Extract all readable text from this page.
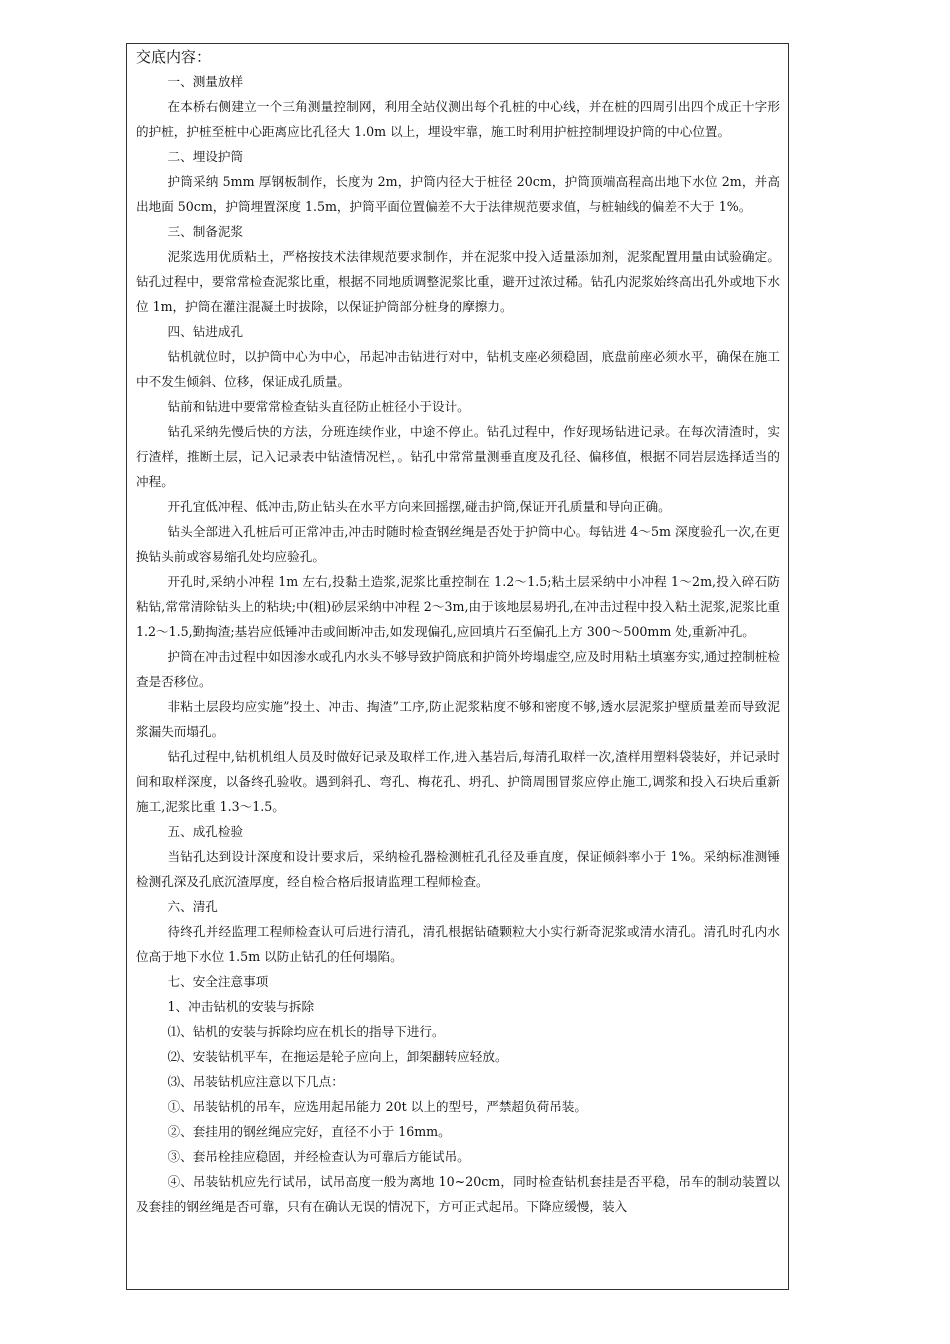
交底内容：

一、测量放样

在本桥右侧建立一个三角测量控制网，利用全站仪测出每个孔桩的中心线，并在桩的四周引出四个成正十字形的护桩，护桩至桩中心距离应比孔径大 1.0m 以上，埋设牢靠，施工时利用护桩控制埋设护筒的中心位置。

二、埋设护筒

护筒采纳 5mm 厚钢板制作，长度为 2m，护筒内径大于桩径 20cm，护筒顶端高程高出地下水位 2m，并高出地面 50cm，护筒埋置深度 1.5m，护筒平面位置偏差不大于法律规范要求值，与桩轴线的偏差不大于 1%。

三、制备泥浆

泥浆选用优质粘土，严格按技术法律规范要求制作，并在泥浆中投入适量添加剂，泥浆配置用量由试验确定。钻孔过程中，要常常检查泥浆比重，根据不同地质调整泥浆比重，避开过浓过稀。钻孔内泥浆始终高出孔外或地下水位 1m，护筒在灌注混凝土时拔除，以保证护筒部分桩身的摩擦力。

四、钻进成孔

钻机就位时，以护筒中心为中心，吊起冲击钻进行对中，钻机支座必须稳固，底盘前座必须水平，确保在施工中不发生倾斜、位移，保证成孔质量。

钻前和钻进中要常常检查钻头直径防止桩径小于设计。

钻孔采纳先慢后快的方法，分班连续作业，中途不停止。钻孔过程中，作好现场钻进记录。在每次清渣时，实行渣样，推断土层，记入记录表中钻渣情况栏，。钻孔中常常量测垂直度及孔径、偏移值，根据不同岩层选择适当的冲程。

开孔宜低冲程、低冲击,防止钻头在水平方向来回摇摆,碰击护筒,保证开孔质量和导向正确。

钻头全部进入孔桩后可正常冲击,冲击时随时检查钢丝绳是否处于护筒中心。每钻进 4～5m 深度验孔一次,在更换钻头前或容易缩孔处均应验孔。

开孔时,采纳小冲程 1m 左右,投黏土造浆,泥浆比重控制在 1.2～1.5;粘土层采纳中小冲程 1～2m,投入碎石防粘钻,常常清除钻头上的粘块;中(粗)砂层采纳中冲程 2～3m,由于该地层易坍孔,在冲击过程中投入粘土泥浆,泥浆比重 1.2～1.5,勤掏渣;基岩应低锤冲击或间断冲击,如发现偏孔,应回填片石至偏孔上方 300～500mm 处,重新冲孔。

护筒在冲击过程中如因渗水或孔内水头不够导致护筒底和护筒外垮塌虚空,应及时用粘土填塞夯实,通过控制桩检查是否移位。

非粘土层段均应实施”投土、冲击、掏渣”工序,防止泥浆粘度不够和密度不够,透水层泥浆护壁质量差而导致泥浆漏失而塌孔。

钻孔过程中,钻机机组人员及时做好记录及取样工作,进入基岩后,每清孔取样一次,渣样用塑料袋装好，并记录时间和取样深度，以备终孔验收。遇到斜孔、弯孔、梅花孔、坍孔、护筒周围冒浆应停止施工,调浆和投入石块后重新施工,泥浆比重 1.3～1.5。

五、成孔检验

当钻孔达到设计深度和设计要求后，采纳检孔器检测桩孔孔径及垂直度，保证倾斜率小于 1%。采纳标准测锤检测孔深及孔底沉渣厚度，经自检合格后报请监理工程师检查。

六、清孔

待终孔并经监理工程师检查认可后进行清孔，清孔根据钻碴颗粒大小实行新奇泥浆或清水清孔。清孔时孔内水位高于地下水位 1.5m 以防止钻孔的任何塌陷。

七、安全注意事项

1、冲击钻机的安装与拆除

⑴、钻机的安装与拆除均应在机长的指导下进行。

⑵、安装钻机平车，在拖运是轮子应向上，卸架翻转应轻放。

⑶、吊装钻机应注意以下几点：

①、吊装钻机的吊车，应选用起吊能力 20t 以上的型号，严禁超负荷吊装。

②、套挂用的钢丝绳应完好，直径不小于 16mm。

③、套吊栓挂应稳固，并经检查认为可靠后方能试吊。

④、吊装钻机应先行试吊，试吊高度一般为离地 10~20cm，同时检查钻机套挂是否平稳，吊车的制动装置以及套挂的钢丝绳是否可靠，只有在确认无误的情况下，方可正式起吊。下降应缓慢，装入
